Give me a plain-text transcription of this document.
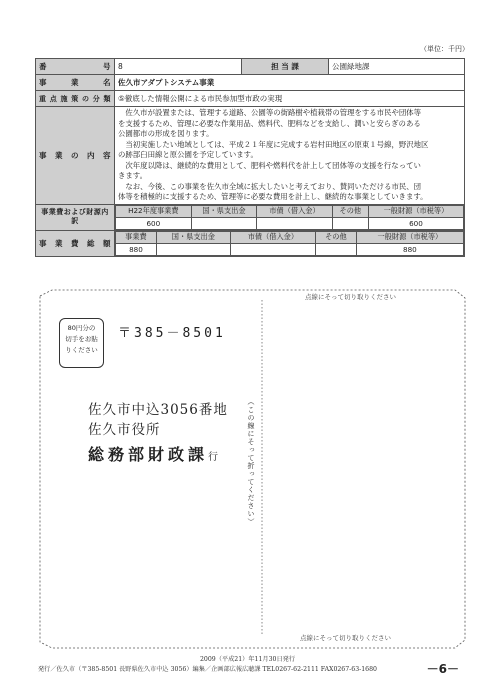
（単位：千円）
番　号	8	担 当 課	公園緑地課
事 業 名	佐久市アダプトシステム事業
重点施策の分類	⑤徹底した情報公開による市民参加型市政の実現
事業の内容	
佐久市が設置または、管理する道路、公園等の街路樹や植栽帯の管理をする市民や団体等
を支援するため、管理に必要な作業用品、燃料代、肥料などを支給し、潤いと安らぎのある
公園都市の形成を図ります。
当初実施したい地域としては、平成２１年度に完成する岩村田地区の原東１号線，野沢地区
の跡部臼田線と原公園を予定しています。
次年度以降は、継続的な費用として、肥料や燃料代を計上して団体等の支援を行なってい
きます。
なお、今後、この事業を佐久市全域に拡大したいと考えており、賛同いただける市民、団
体等を積極的に支援するため、管理等に必要な費用を計上し、継続的な事業としていきます。

事業費および財源内訳	
H22年度事業費	国・県支出金	市債（借入金）	その他	一般財源（市税等）
600				600

事業費総額	
事業費	国・県支出金	市債（借入金）	その他	一般財源（市税等）
880				880
点線にそって切り取りください
点線にそって切り取りください
80円分の
切手をお貼
りください
〒385－8501
佐久市中込3056番地
佐久市役所
総務部財政課行	（この線にそって折ってください）
2009（平成21）年11月30日発行
発行／佐久市（〒385-8501 長野県佐久市中込 3056）編集／企画部広報広聴課 TEL0267-62-2111 FAX0267-63-1680	－6－
